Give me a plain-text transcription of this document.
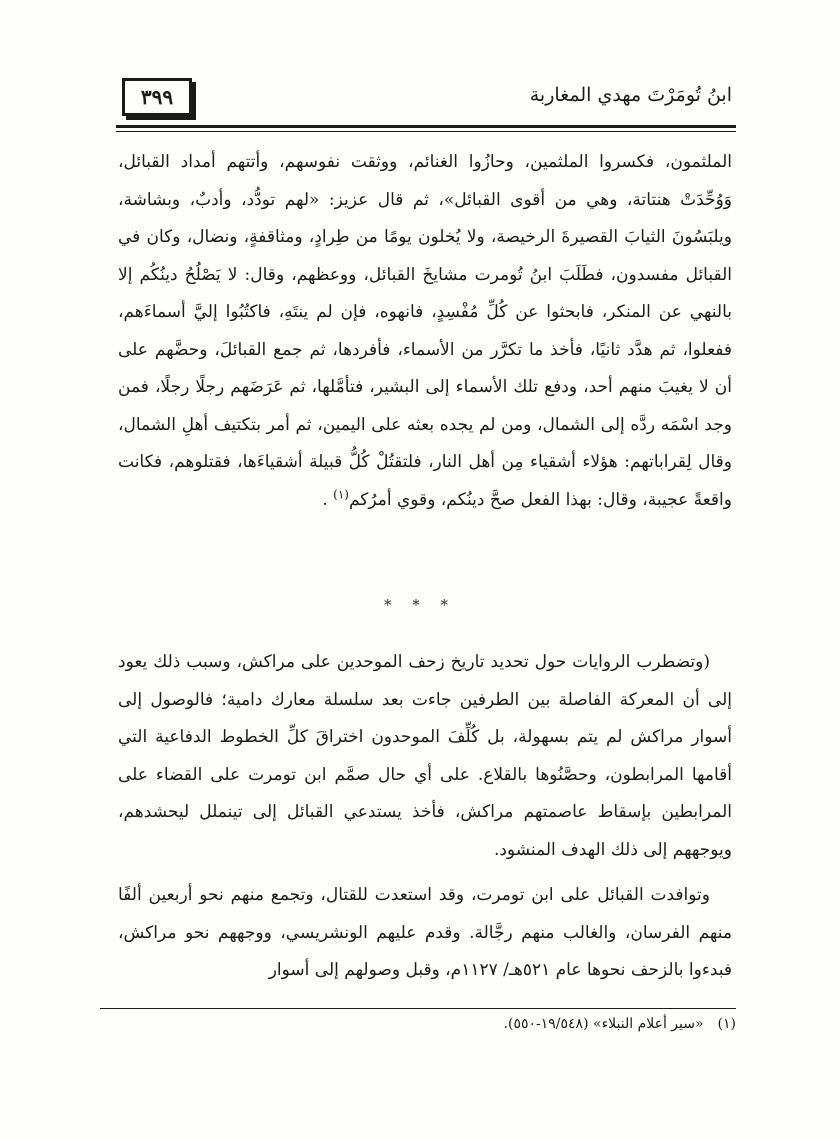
٣٩٩	ابنُ تُومَرْتَ مهدي المغاربة

الملثمون، فكسروا الملثمين، وحازُوا الغنائم، ووثقت نفوسهم، وأتتهم أمداد القبائل، وَوُحِّدَتْ هنتاتة، وهي من أقوى القبائل»، ثم قال عزيز: «لهم تودُّد، وأدبٌ، وبشاشة، ويلبَسُونَ الثيابَ القصيرةَ الرخيصة، ولا يُخلون يومًا من طِرادٍ، ومثاقفةٍ، ونضال، وكان في القبائل مفسدون، فطَلَبَ ابنُ تُومرت مشايخَ القبائل، ووعظهم، وقال: لا يَصْلُحُ دينُكُم إلا بالنهي عن المنكر، فابحثوا عن كُلِّ مُفْسِدٍ، فانهوه، فإن لم ينتَهِ، فاكتُبُوا إليَّ أسماءَهم، ففعلوا، ثم هدَّد ثانيًا، فأخذ ما تكرَّر من الأسماء، فأفردها، ثم جمع القبائلَ، وحضَّهم على أن لا يغيبَ منهم أحد، ودفع تلك الأسماء إلى البشير، فتأمَّلها، ثم عَرَضَهم رجلًا رجلًا، فمن وجد اسْمَه ردَّه إلى الشمال، ومن لم يجده بعثه على اليمين، ثم أمر بتكتيف أهلِ الشمال، وقال لِقراباتهم: هؤلاء أشقياء مِن أهل النار، فلتقتُلْ كُلُّ قبيلة أشقياءَها، فقتلوهم، فكانت واقعةً عجيبة، وقال: بهذا الفعل صحَّ دينُكم، وقوي أمرُكم$^{(١)}$ .

* * *

(وتضطرب الروايات حول تحديد تاريخ زحف الموحدين على مراكش، وسبب ذلك يعود إلى أن المعركة الفاصلة بين الطرفين جاءت بعد سلسلة معارك دامية؛ فالوصول إلى أسوار مراكش لم يتم بسهولة، بل كُلِّفَ الموحدون اختراقَ كلِّ الخطوط الدفاعية التي أقامها المرابطون، وحصَّنُوها بالقلاع. على أي حال صمَّم ابن تومرت على القضاء على المرابطين بإسقاط عاصمتهم مراكش، فأخذ يستدعي القبائل إلى تينملل ليحشدهم، ويوجههم إلى ذلك الهدف المنشود.

وتوافدت القبائل على ابن تومرت، وقد استعدت للقتال، وتجمع منهم نحو أربعين ألفًا منهم الفرسان، والغالب منهم رجَّالة. وقدم عليهم الونشريسي، ووجههم نحو مراكش، فبدءوا بالزحف نحوها عام ٥٢١هـ/ ١١٢٧م، وقبل وصولهم إلى أسوار

(١)«سير أعلام النبلاء» (١٩/٥٤٨-٥٥٠).
